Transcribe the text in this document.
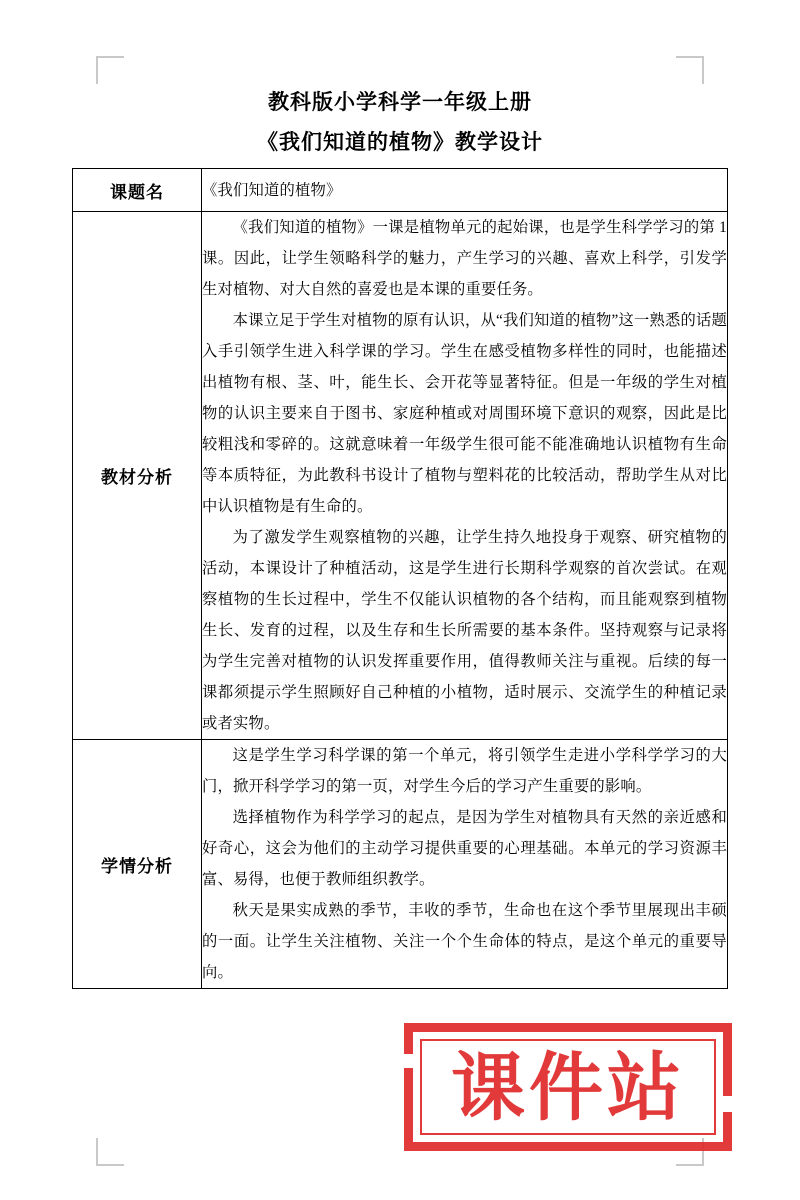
教科版小学科学一年级上册
《我们知道的植物》教学设计
课题名	《我们知道的植物》

教材分析	《我们知道的植物》一课是植物单元的起始课，也是学生科学学习的第 1 课。因此，让学生领略科学的魅力，产生学习的兴趣、喜欢上科学，引发学生对植物、对大自然的喜爱也是本课的重要任务。

本课立足于学生对植物的原有认识，从“我们知道的植物”这一熟悉的话题入手引领学生进入科学课的学习。学生在感受植物多样性的同时，也能描述出植物有根、茎、叶，能生长、会开花等显著特征。但是一年级的学生对植物的认识主要来自于图书、家庭种植或对周围环境下意识的观察，因此是比较粗浅和零碎的。这就意味着一年级学生很可能不能准确地认识植物有生命等本质特征，为此教科书设计了植物与塑料花的比较活动，帮助学生从对比中认识植物是有生命的。

为了激发学生观察植物的兴趣，让学生持久地投身于观察、研究植物的活动，本课设计了种植活动，这是学生进行长期科学观察的首次尝试。在观察植物的生长过程中，学生不仅能认识植物的各个结构，而且能观察到植物生长、发育的过程，以及生存和生长所需要的基本条件。坚持观察与记录将为学生完善对植物的认识发挥重要作用，值得教师关注与重视。后续的每一课都须提示学生照顾好自己种植的小植物，适时展示、交流学生的种植记录或者实物。

学情分析	这是学生学习科学课的第一个单元，将引领学生走进小学科学学习的大门，掀开科学学习的第一页，对学生今后的学习产生重要的影响。

选择植物作为科学学习的起点，是因为学生对植物具有天然的亲近感和好奇心，这会为他们的主动学习提供重要的心理基础。本单元的学习资源丰富、易得，也便于教师组织教学。

秋天是果实成熟的季节，丰收的季节，生命也在这个季节里展现出丰硕的一面。让学生关注植物、关注一个个生命体的特点，是这个单元的重要导向。

课件站
